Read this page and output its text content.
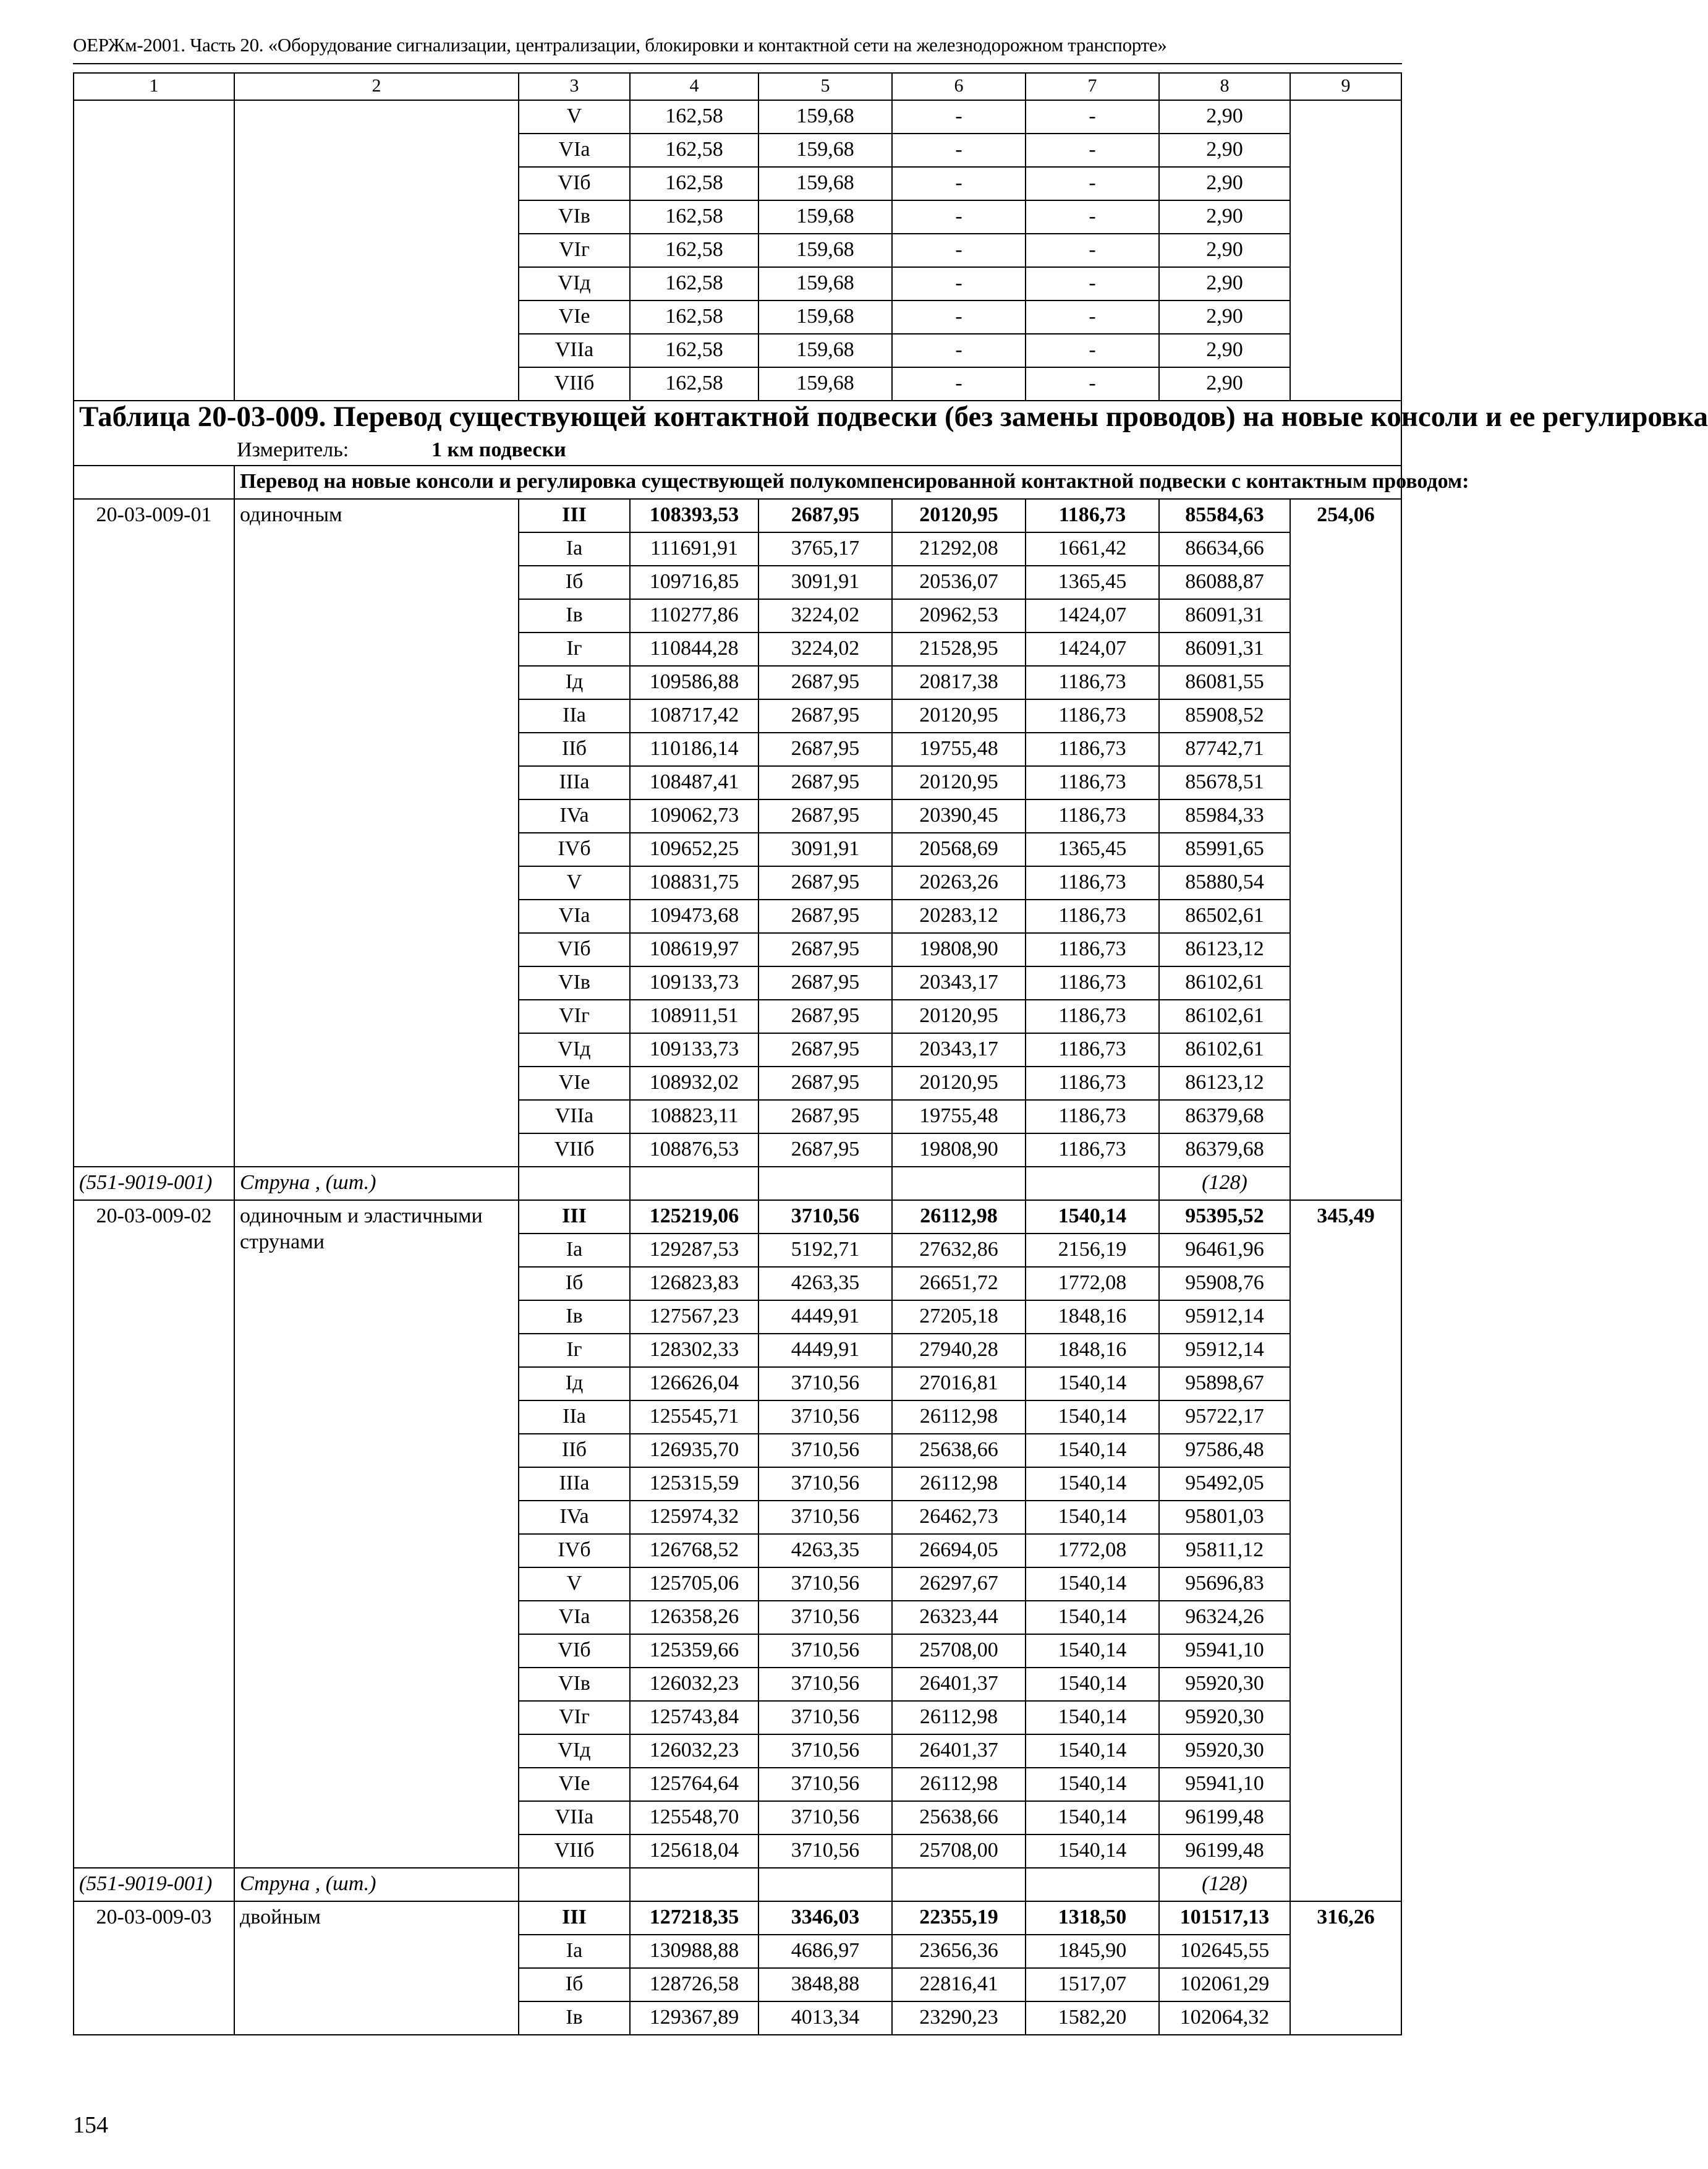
ОЕРЖм-2001. Часть 20. «Оборудование сигнализации, централизации, блокировки и контактной сети на железнодорожном транспорте»
1	2	3	4	5	6	7	8	9
		V	162,58	159,68	-	-	2,90	
		VIa	162,58	159,68	-	-	2,90	
		VIб	162,58	159,68	-	-	2,90	
		VIв	162,58	159,68	-	-	2,90	
		VIг	162,58	159,68	-	-	2,90	
		VIд	162,58	159,68	-	-	2,90	
		VIe	162,58	159,68	-	-	2,90	
		VIIa	162,58	159,68	-	-	2,90	
		VIIб	162,58	159,68	-	-	2,90	

Таблица 20-03-009. Перевод существующей контактной подвески (без замены проводов) на новые консоли и ее регулировка
Измеритель: 1 км подвески								

	Перевод на новые консоли и регулировка существующей полукомпенсированной контактной подвески с контактным проводом:							
20-03-009-01	одиночным	III	108393,53	2687,95	20120,95	1186,73	85584,63	254,06
		Ia	111691,91	3765,17	21292,08	1661,42	86634,66	
		Iб	109716,85	3091,91	20536,07	1365,45	86088,87	
		Iв	110277,86	3224,02	20962,53	1424,07	86091,31	
		Iг	110844,28	3224,02	21528,95	1424,07	86091,31	
		Iд	109586,88	2687,95	20817,38	1186,73	86081,55	
		IIa	108717,42	2687,95	20120,95	1186,73	85908,52	
		IIб	110186,14	2687,95	19755,48	1186,73	87742,71	
		IIIa	108487,41	2687,95	20120,95	1186,73	85678,51	
		IVa	109062,73	2687,95	20390,45	1186,73	85984,33	
		IVб	109652,25	3091,91	20568,69	1365,45	85991,65	
		V	108831,75	2687,95	20263,26	1186,73	85880,54	
		VIa	109473,68	2687,95	20283,12	1186,73	86502,61	
		VIб	108619,97	2687,95	19808,90	1186,73	86123,12	
		VIв	109133,73	2687,95	20343,17	1186,73	86102,61	
		VIг	108911,51	2687,95	20120,95	1186,73	86102,61	
		VIд	109133,73	2687,95	20343,17	1186,73	86102,61	
		VIe	108932,02	2687,95	20120,95	1186,73	86123,12	
		VIIa	108823,11	2687,95	19755,48	1186,73	86379,68	
		VIIб	108876,53	2687,95	19808,90	1186,73	86379,68	
(551-9019-001)	Струна , (шт.)						(128)	
20-03-009-02	одиночным и эластичными струнами	III	125219,06	3710,56	26112,98	1540,14	95395,52	345,49
		Ia	129287,53	5192,71	27632,86	2156,19	96461,96	
		Iб	126823,83	4263,35	26651,72	1772,08	95908,76	
		Iв	127567,23	4449,91	27205,18	1848,16	95912,14	
		Iг	128302,33	4449,91	27940,28	1848,16	95912,14	
		Iд	126626,04	3710,56	27016,81	1540,14	95898,67	
		IIa	125545,71	3710,56	26112,98	1540,14	95722,17	
		IIб	126935,70	3710,56	25638,66	1540,14	97586,48	
		IIIa	125315,59	3710,56	26112,98	1540,14	95492,05	
		IVa	125974,32	3710,56	26462,73	1540,14	95801,03	
		IVб	126768,52	4263,35	26694,05	1772,08	95811,12	
		V	125705,06	3710,56	26297,67	1540,14	95696,83	
		VIa	126358,26	3710,56	26323,44	1540,14	96324,26	
		VIб	125359,66	3710,56	25708,00	1540,14	95941,10	
		VIв	126032,23	3710,56	26401,37	1540,14	95920,30	
		VIг	125743,84	3710,56	26112,98	1540,14	95920,30	
		VIд	126032,23	3710,56	26401,37	1540,14	95920,30	
		VIe	125764,64	3710,56	26112,98	1540,14	95941,10	
		VIIa	125548,70	3710,56	25638,66	1540,14	96199,48	
		VIIб	125618,04	3710,56	25708,00	1540,14	96199,48	
(551-9019-001)	Струна , (шт.)						(128)	
20-03-009-03	двойным	III	127218,35	3346,03	22355,19	1318,50	101517,13	316,26
		Ia	130988,88	4686,97	23656,36	1845,90	102645,55	
		Iб	128726,58	3848,88	22816,41	1517,07	102061,29	
		Iв	129367,89	4013,34	23290,23	1582,20	102064,32	
154
